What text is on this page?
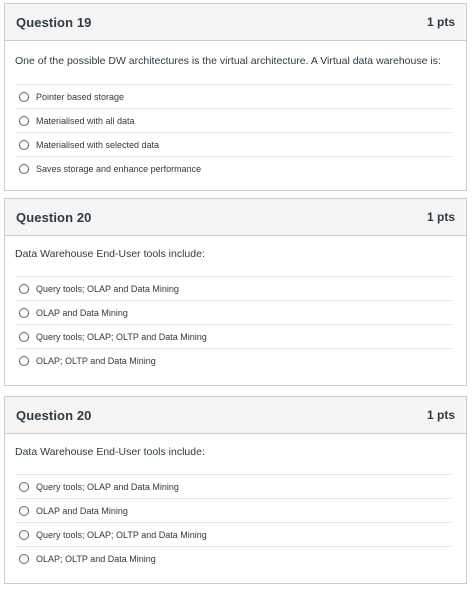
Question 19	1 pts
One of the possible DW architectures is the virtual architecture. A Virtual data warehouse is:
Pointer based storage
Materialised with all data
Materialised with selected data
Saves storage and enhance performance
Question 20	1 pts
Data Warehouse End-User tools include:
Query tools; OLAP and Data Mining
OLAP and Data Mining
Query tools; OLAP; OLTP and Data Mining
OLAP; OLTP and Data Mining
Question 20	1 pts
Data Warehouse End-User tools include:
Query tools; OLAP and Data Mining
OLAP and Data Mining
Query tools; OLAP; OLTP and Data Mining
OLAP; OLTP and Data Mining
